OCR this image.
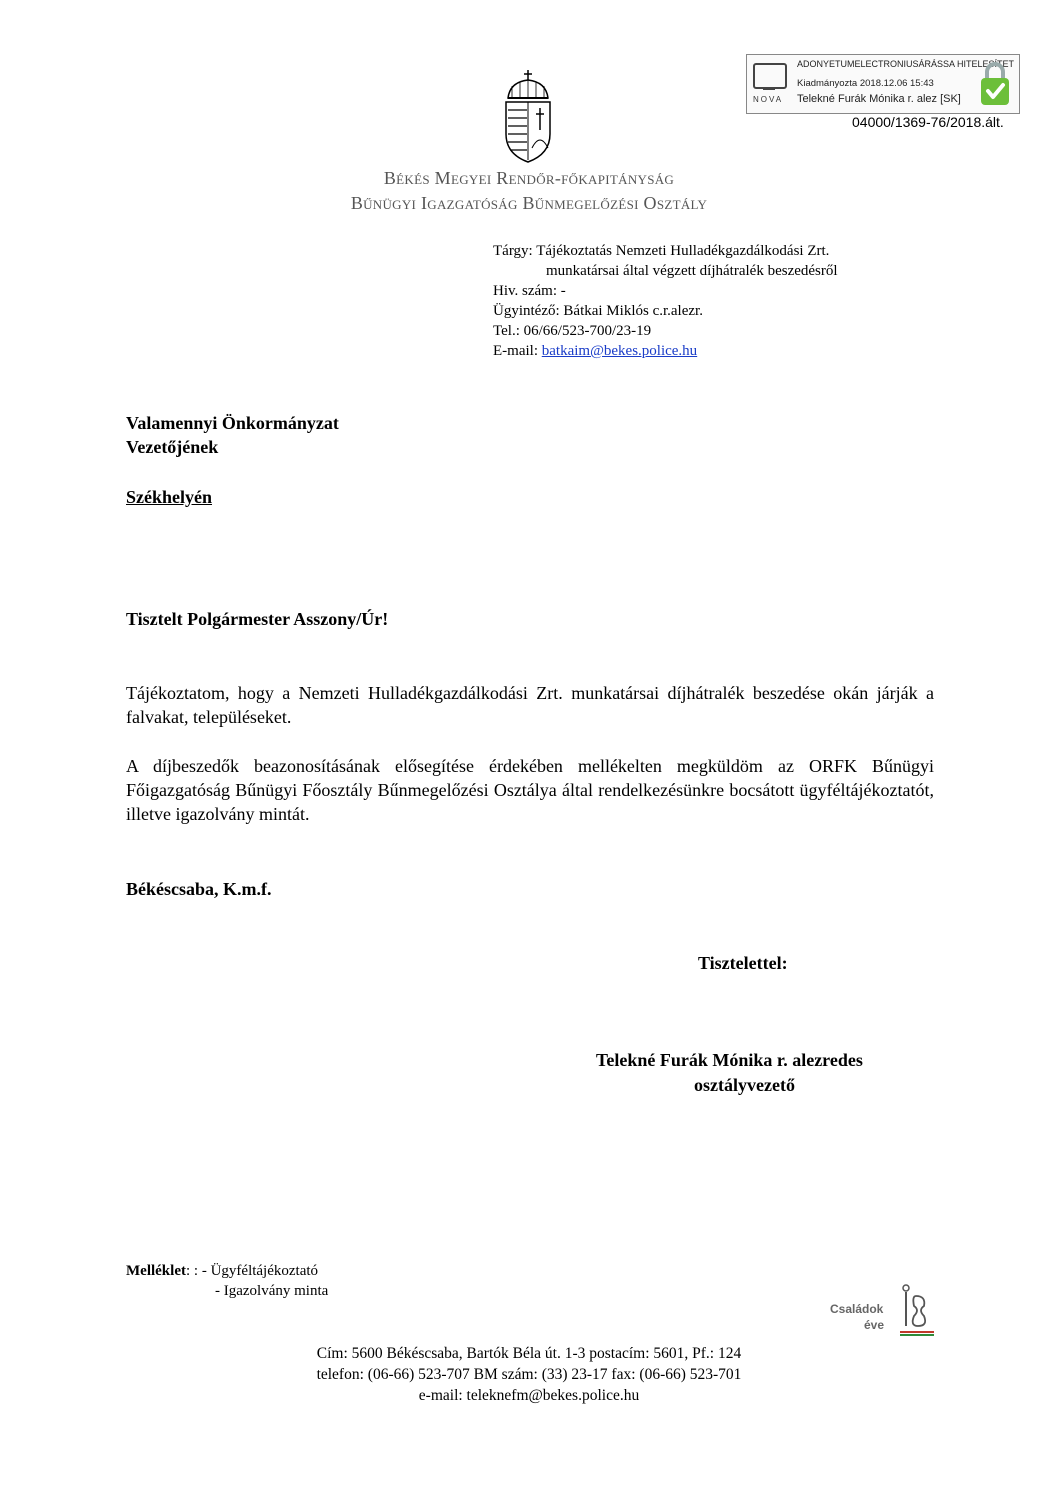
NOVA
ADONYETUMELECTRONIUSÁRÁSSA HITELESÍTET
Kiadmányozta 2018.12.06 15:43
Telekné Furák Mónika r. alez [SK]
04000/1369-76/2018.ált.
Békés Megyei Rendőr-főkapitányság
Bűnügyi Igazgatóság Bűnmegelőzési Osztály
Tárgy: Tájékoztatás Nemzeti Hulladékgazdálkodási Zrt.
munkatársai által végzett díjhátralék beszedésről
Hiv. szám: -
Ügyintéző: Bátkai Miklós c.r.alezr.
Tel.: 06/66/523-700/23-19
E-mail: batkaim@bekes.police.hu
Valamennyi Önkormányzat
Vezetőjének
Székhelyén
Tisztelt Polgármester Asszony/Úr!

Tájékoztatom, hogy a Nemzeti Hulladékgazdálkodási Zrt. munkatársai díjhátralék beszedése okán járják a falvakat, településeket.

A díjbeszedők beazonosításának elősegítése érdekében mellékelten megküldöm az ORFK Bűnügyi Főigazgatóság Bűnügyi Főosztály Bűnmegelőzési Osztálya által rendelkezésünkre bocsátott ügyféltájékoztatót, illetve igazolvány mintát.

Békéscsaba, K.m.f.
Tisztelettel:
Telekné Furák Mónika r. alezredes
osztályvezető
Melléklet: : - Ügyféltájékoztató
- Igazolvány minta
Családok
éve
Cím: 5600 Békéscsaba, Bartók Béla út. 1-3 postacím: 5601, Pf.: 124
telefon: (06-66) 523-707 BM szám: (33) 23-17 fax: (06-66) 523-701
e-mail: teleknefm@bekes.police.hu
